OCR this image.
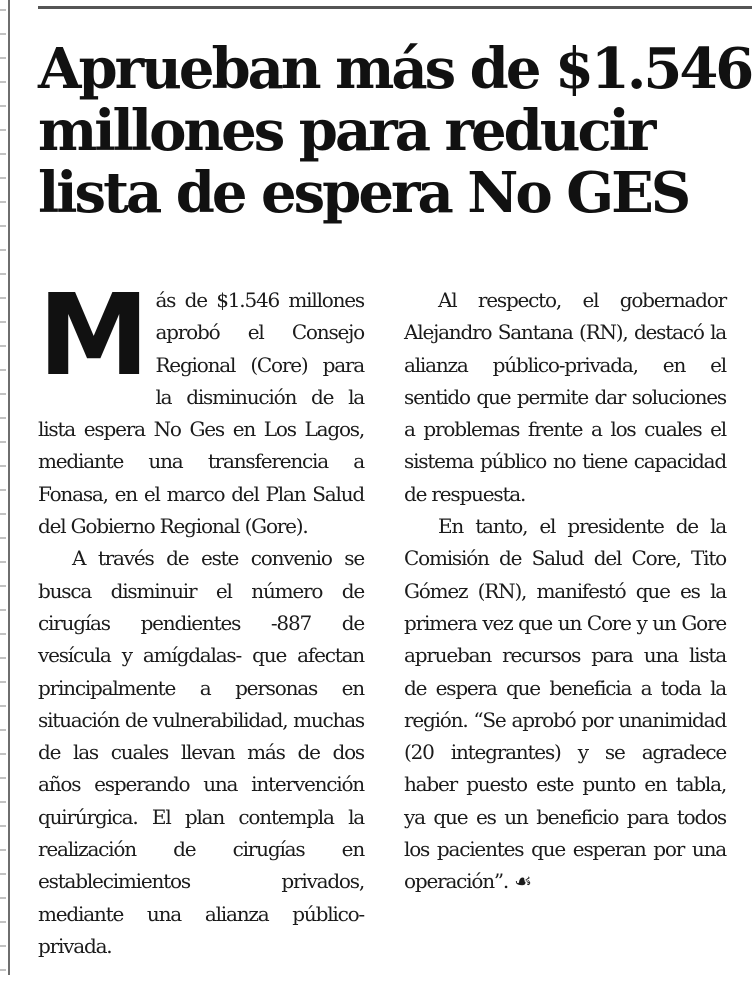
Aprueban más de $1.546
millones para reducir
lista de espera No GES

M ás de $1.546 millones aprobó el Consejo Regional (Core) para la disminución de la lista espera No Ges en Los Lagos, mediante una transferencia a Fonasa, en el marco del Plan Salud del Gobierno Regional (Gore).

A través de este convenio se busca disminuir el número de cirugías pendientes -887 de vesícula y amígdalas- que afectan principalmente a personas en situación de vulnerabilidad, muchas de las cuales llevan más de dos años esperando una intervención quirúrgica. El plan contempla la realización de cirugías en establecimientos privados, mediante una alianza público-privada.

Al respecto, el gobernador Alejandro Santana (RN), destacó la alianza público-privada, en el sentido que permite dar soluciones a problemas frente a los cuales el sistema público no tiene capacidad de respuesta.

En tanto, el presidente de la Comisión de Salud del Core, Tito Gómez (RN), manifestó que es la primera vez que un Core y un Gore aprueban recursos para una lista de espera que beneficia a toda la región. “Se aprobó por unanimidad (20 integrantes) y se agradece haber puesto este punto en tabla, ya que es un beneficio para todos los pacientes que esperan por una operación”. ☙
